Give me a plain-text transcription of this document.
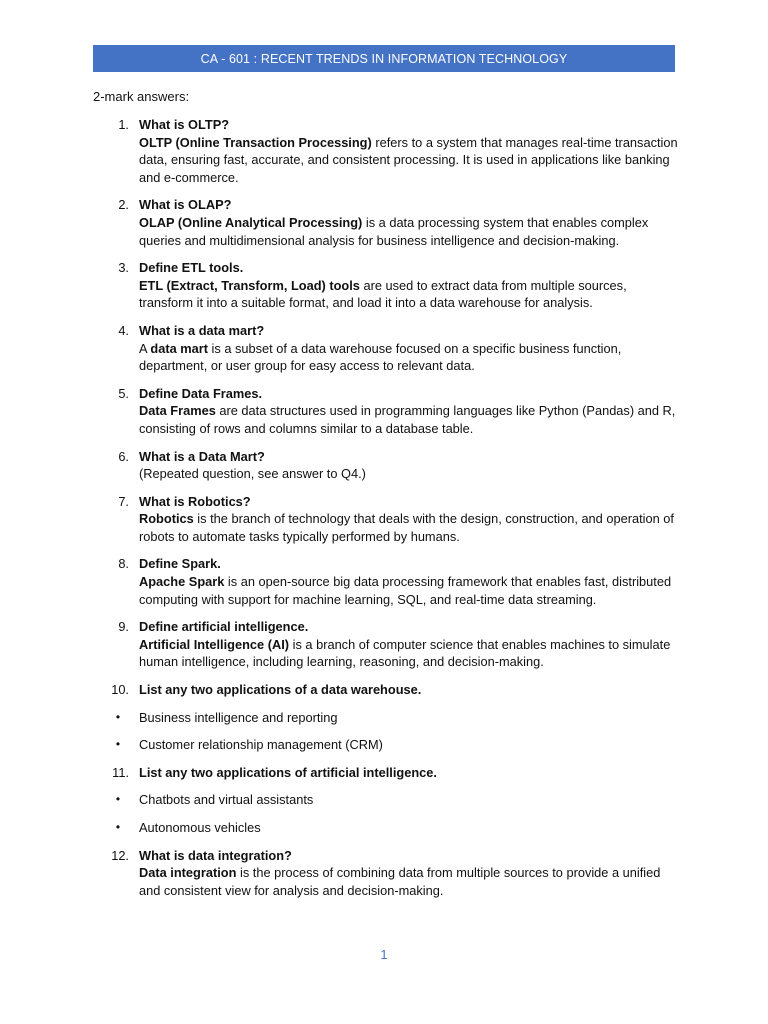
CA - 601 : RECENT TRENDS IN INFORMATION TECHNOLOGY
2-mark answers:
1. What is OLTP?
OLTP (Online Transaction Processing) refers to a system that manages real-time transaction data, ensuring fast, accurate, and consistent processing. It is used in applications like banking and e-commerce.
2. What is OLAP?
OLAP (Online Analytical Processing) is a data processing system that enables complex queries and multidimensional analysis for business intelligence and decision-making.
3. Define ETL tools.
ETL (Extract, Transform, Load) tools are used to extract data from multiple sources, transform it into a suitable format, and load it into a data warehouse for analysis.
4. What is a data mart?
A data mart is a subset of a data warehouse focused on a specific business function, department, or user group for easy access to relevant data.
5. Define Data Frames.
Data Frames are data structures used in programming languages like Python (Pandas) and R, consisting of rows and columns similar to a database table.
6. What is a Data Mart?
(Repeated question, see answer to Q4.)
7. What is Robotics?
Robotics is the branch of technology that deals with the design, construction, and operation of robots to automate tasks typically performed by humans.
8. Define Spark.
Apache Spark is an open-source big data processing framework that enables fast, distributed computing with support for machine learning, SQL, and real-time data streaming.
9. Define artificial intelligence.
Artificial Intelligence (AI) is a branch of computer science that enables machines to simulate human intelligence, including learning, reasoning, and decision-making.
10. List any two applications of a data warehouse.
• Business intelligence and reporting
• Customer relationship management (CRM)
11. List any two applications of artificial intelligence.
• Chatbots and virtual assistants
• Autonomous vehicles
12. What is data integration?
Data integration is the process of combining data from multiple sources to provide a unified and consistent view for analysis and decision-making.
1
